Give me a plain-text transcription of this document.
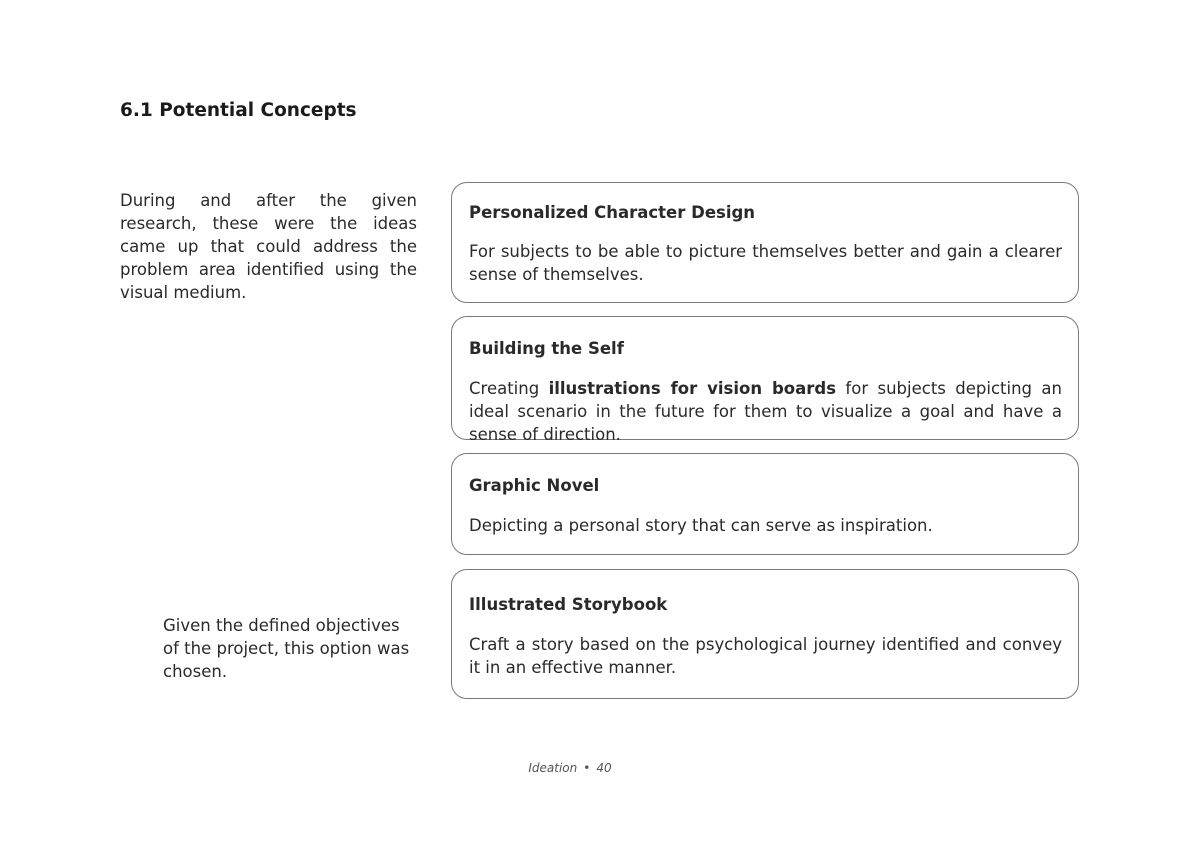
6.1 Potential Concepts

During and after the given research, these were the ideas came up that could address the problem area identified using the visual medium.

Given the defined objectives of the project, this option was chosen.

Personalized Character Design

For subjects to be able to picture themselves better and gain a clearer sense of themselves.

Building the Self

Creating illustrations for vision boards for subjects depicting an ideal scenario in the future for them to visualize a goal and have a sense of direction.

Graphic Novel

Depicting a personal story that can serve as inspiration.

Illustrated Storybook

Craft a story based on the psychological journey identified and convey it in an effective manner.

Ideation • 40
